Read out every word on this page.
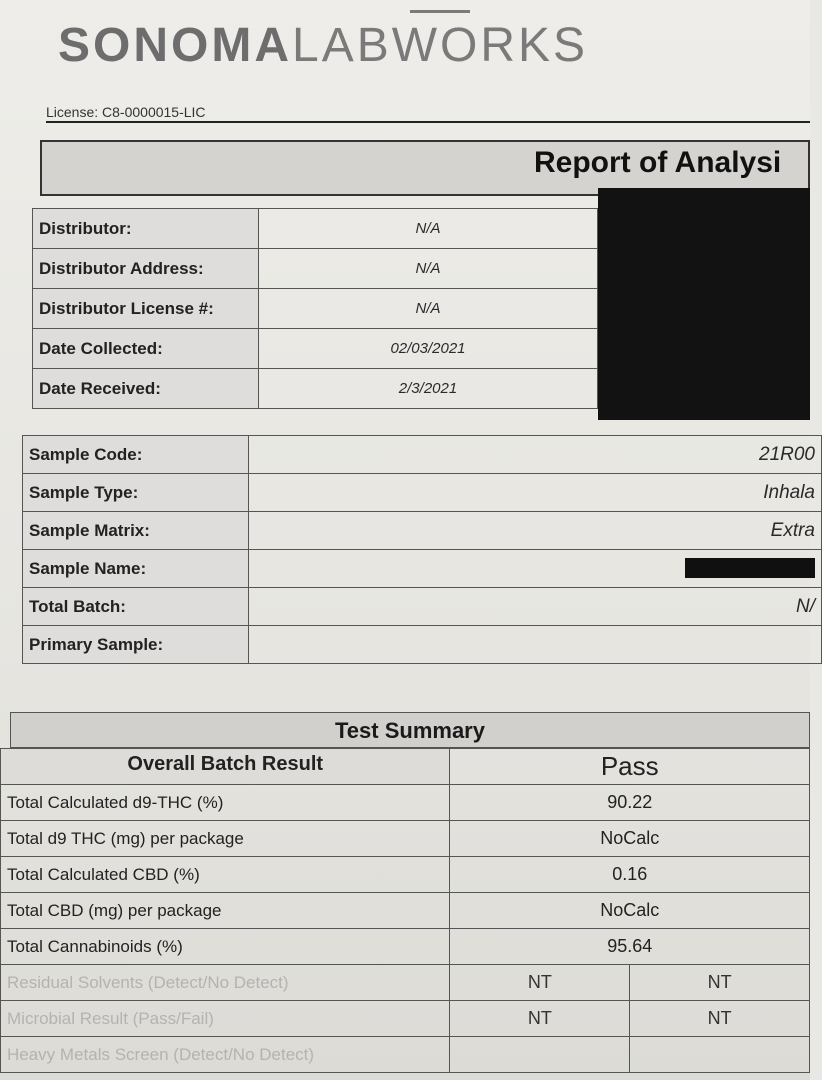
SONOMALABWORKS
License: C8-0000015-LIC
Report of Analysi
Distributor:	N/A
Distributor Address:	N/A
Distributor License #:	N/A
Date Collected:	02/03/2021
Date Received:	2/3/2021
Sample Code:	21R00
Sample Type:	Inhala
Sample Matrix:	Extra
Sample Name:	
Total Batch:	N/
Primary Sample:	
Test Summary
Overall Batch Result	Pass	
Total Calculated d9-THC (%)	90.22	
Total d9 THC (mg) per package	NoCalc	
Total Calculated CBD (%)	0.16	
Total CBD (mg) per package	NoCalc	
Total Cannabinoids (%)	95.64	
Residual Solvents (Detect/No Detect)	NT	NT
Microbial Result (Pass/Fail)	NT	NT
Heavy Metals Screen (Detect/No Detect)		
